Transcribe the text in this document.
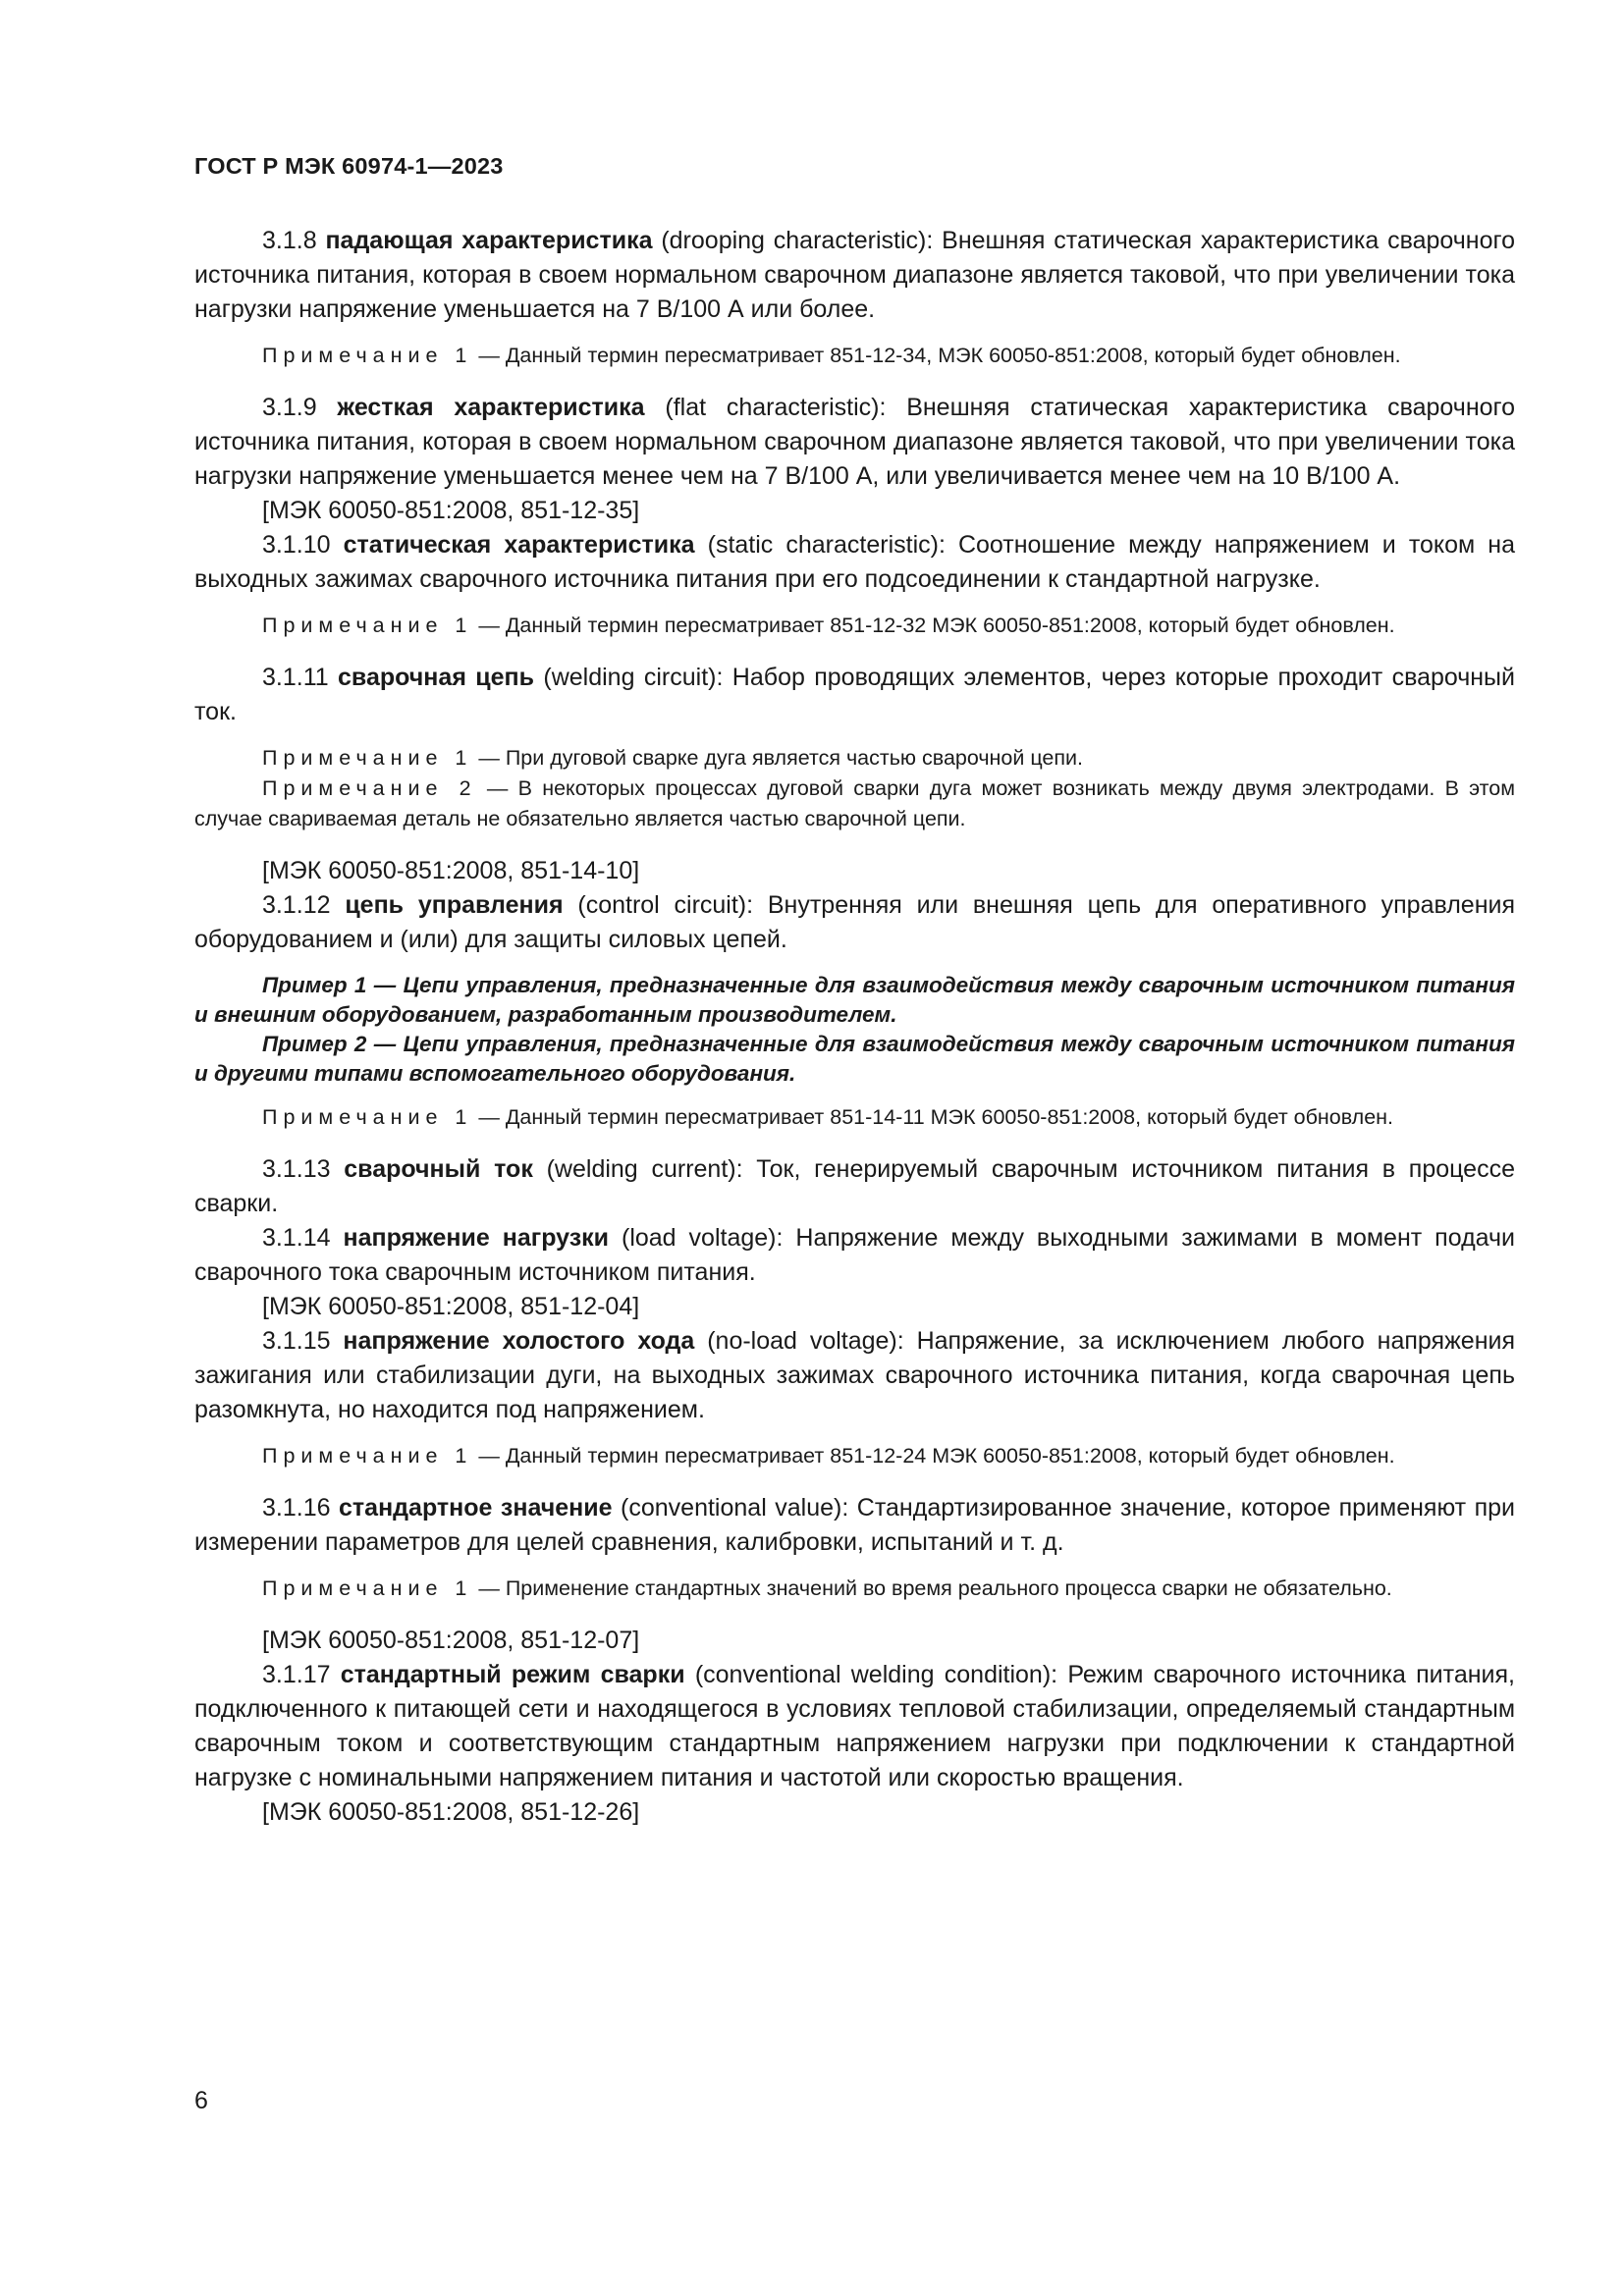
ГОСТ Р МЭК 60974-1—2023

3.1.8 падающая характеристика (drooping characteristic): Внешняя статическая характеристика сварочного источника питания, которая в своем нормальном сварочном диапазоне является таковой, что при увеличении тока нагрузки напряжение уменьшается на 7 В/100 А или более.

Примечание 1 — Данный термин пересматривает 851-12-34, МЭК 60050-851:2008, который будет обновлен.

3.1.9 жесткая характеристика (flat characteristic): Внешняя статическая характеристика сварочного источника питания, которая в своем нормальном сварочном диапазоне является таковой, что при увеличении тока нагрузки напряжение уменьшается менее чем на 7 В/100 А, или увеличивается менее чем на 10 В/100 А.

[МЭК 60050-851:2008, 851-12-35]

3.1.10 статическая характеристика (static characteristic): Соотношение между напряжением и током на выходных зажимах сварочного источника питания при его подсоединении к стандартной нагрузке.

Примечание 1 — Данный термин пересматривает 851-12-32 МЭК 60050-851:2008, который будет обновлен.

3.1.11 сварочная цепь (welding circuit): Набор проводящих элементов, через которые проходит сварочный ток.

Примечание 1 — При дуговой сварке дуга является частью сварочной цепи.

Примечание 2 — В некоторых процессах дуговой сварки дуга может возникать между двумя электродами. В этом случае свариваемая деталь не обязательно является частью сварочной цепи.

[МЭК 60050-851:2008, 851-14-10]

3.1.12 цепь управления (control circuit): Внутренняя или внешняя цепь для оперативного управления оборудованием и (или) для защиты силовых цепей.

Пример 1 — Цепи управления, предназначенные для взаимодействия между сварочным источником питания и внешним оборудованием, разработанным производителем.

Пример 2 — Цепи управления, предназначенные для взаимодействия между сварочным источником питания и другими типами вспомогательного оборудования.

Примечание 1 — Данный термин пересматривает 851-14-11 МЭК 60050-851:2008, который будет обновлен.

3.1.13 сварочный ток (welding current): Ток, генерируемый сварочным источником питания в процессе сварки.

3.1.14 напряжение нагрузки (load voltage): Напряжение между выходными зажимами в момент подачи сварочного тока сварочным источником питания.

[МЭК 60050-851:2008, 851-12-04]

3.1.15 напряжение холостого хода (no-load voltage): Напряжение, за исключением любого напряжения зажигания или стабилизации дуги, на выходных зажимах сварочного источника питания, когда сварочная цепь разомкнута, но находится под напряжением.

Примечание 1 — Данный термин пересматривает 851-12-24 МЭК 60050-851:2008, который будет обновлен.

3.1.16 стандартное значение (conventional value): Стандартизированное значение, которое применяют при измерении параметров для целей сравнения, калибровки, испытаний и т. д.

Примечание 1 — Применение стандартных значений во время реального процесса сварки не обязательно.

[МЭК 60050-851:2008, 851-12-07]

3.1.17 стандартный режим сварки (conventional welding condition): Режим сварочного источника питания, подключенного к питающей сети и находящегося в условиях тепловой стабилизации, определяемый стандартным сварочным током и соответствующим стандартным напряжением нагрузки при подключении к стандартной нагрузке с номинальными напряжением питания и частотой или скоростью вращения.

[МЭК 60050-851:2008, 851-12-26]

6
